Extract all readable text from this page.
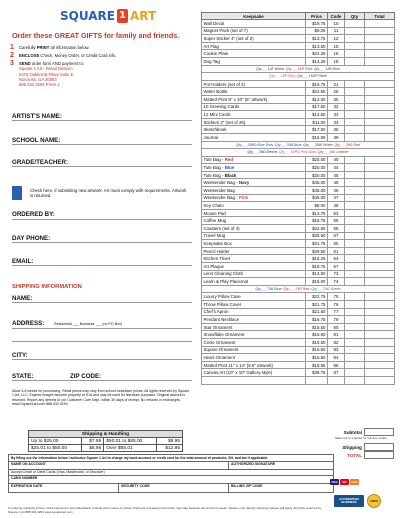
SQUARE 1 ART
Order these GREAT GIFTS for family and friends.
1	Carefully PRINT all information below.
2	ENCLOSE Check, Money Order, or Credit Card info.
3	SEND order form AND payment to:
Square 1 Art - Retail Division
5470 Oakbrook Pkwy Suite E
Norcross, GA 30093
888.332.3294 Press 1
ARTIST'S NAME:
SCHOOL NAME:
GRADE/TEACHER:
Check here, if submitting new artwork. Art must comply with requirements. Artwork is returned.
ORDERED BY:
DAY PHONE:
EMAIL:
SHIPPING INFORMATION
NAME:
ADDRESS:	Residential ___ Business ___ (no PO Box)
CITY:
STATE:	ZIP CODE:
Allow 4-6 weeks for processing. Retail prices may vary from school fundraiser prices. All rights reserved by Square 1 Art, LLC. Expired images become property of S1A and may be used for literature purposes. Original artwork is returned. Report any defects to our Customer Care Dept. within 30 days of receipt. No refunds or exchanges. www.Square1art.com 888.332.3294
Shipping & Handling			
Up to $25.00	$7.95	$50.01 to $85.00	$9.95
$25.01 to $50.00	$8.95	Over $85.01	$12.95
Keepsake	Price	Code	Qty	Total
Wall Decal	$19.75	10		
Magnet Pack (set of 7)	$9.25	11		
Super Sticker 4" (set of 2)	$13.75	12		
Art Flag	$13.50	15		
Cookie Plate	$22.25	16		
Dog Tag	$12.25	18		
Qty___14F White; Qty___18R Red; Qty___18B Blue				
Qty___18P Pink; Qty___18GP Steel				
Pot Holders (set of 2)	$16.75	21		
Water Bottle	$22.50	25		
Matted Print 8" x 10" (5" artwork)	$12.00	30		
10 Greeting Cards	$17.50	32		
12 Mini Cards	$14.50	33		
Stickers 2" (set of 20)	$11.00	34		
Sketchbook	$17.50	36		
Journal	$15.50	39		
Qty___39BD Blue Dots; Qty___39B Blue; Qty___39W White; Qty___39R Red				
Qty___39D Denim; Qty___39PD Pink Dots; Qty___39L Leather				
Tote Bag - Red	$20.00	40		
Tote Bag - Blue	$20.00	44		
Tote Bag - Black	$20.00	45		
Weekender Bag - Navy	$45.00	45		
Weekender Bag	$45.00	46		
Weekender Bag - Pink	$45.00	47		
Key Chain	$8.00	49		
Mouse Pad	$13.75	53		
Coffee Mug	$15.75	55		
Coasters (set of 4)	$22.50	56		
Travel Mug	$25.50	57		
Keepsake Box	$31.75	60		
Pencil Holder	$29.50	61		
Kitchen Trivet	$15.25	64		
Art Plaque	$18.75	67		
Lens Cleaning Cloth	$14.50	73		
Learn & Play Placemat	$15.00	74		
Qty___74B Blue; Qty___74R Red; Qty___74G Green				
Luxury Pillow Case	$22.75	75		
Throw Pillow Cover	$21.75	76		
Chef's Apron	$21.50	77		
Pendant Necklace	$16.75	79		
Star Ornament	$16.50	80		
Snowflake Ornament	$16.50	81		
Circle Ornament	$16.50	82		
Square Ornament	$16.50	83		
Heart Ornament	$16.50	84		
Matted Print 11" x 14" (8.5" artwork)	$18.55	86		
Canvas Art (10" x 10" Gallery-style)	$39.75	87		

Sales tax is required for GA & IL orders
Subtotal
Shipping
TOTAL
By filling out the information below I authorize Square 1 Art to charge my bank account or credit card for the total amount of products, SH, and tax if applicable.
NAME ON ACCOUNT	AUTHORIZED SIGNATURE
Accept Credit or Debit Cards (Visa, Mastercard, or Discover)
CARD NUMBER
EXPIRATION DATE	SECURITY CODE	BILLING ZIP CODE
VISA	MC	DISC
ACCREDITED BUSINESS	100%
In ordering online/by school, stock payment to post office/bank. Include photo name on check. Payment processing and return may take between two and four weeks. Square 1 Art directly shipping charges will apply. All rights reserved by Square 1 Art 888.332.3294 www.square1art.com
